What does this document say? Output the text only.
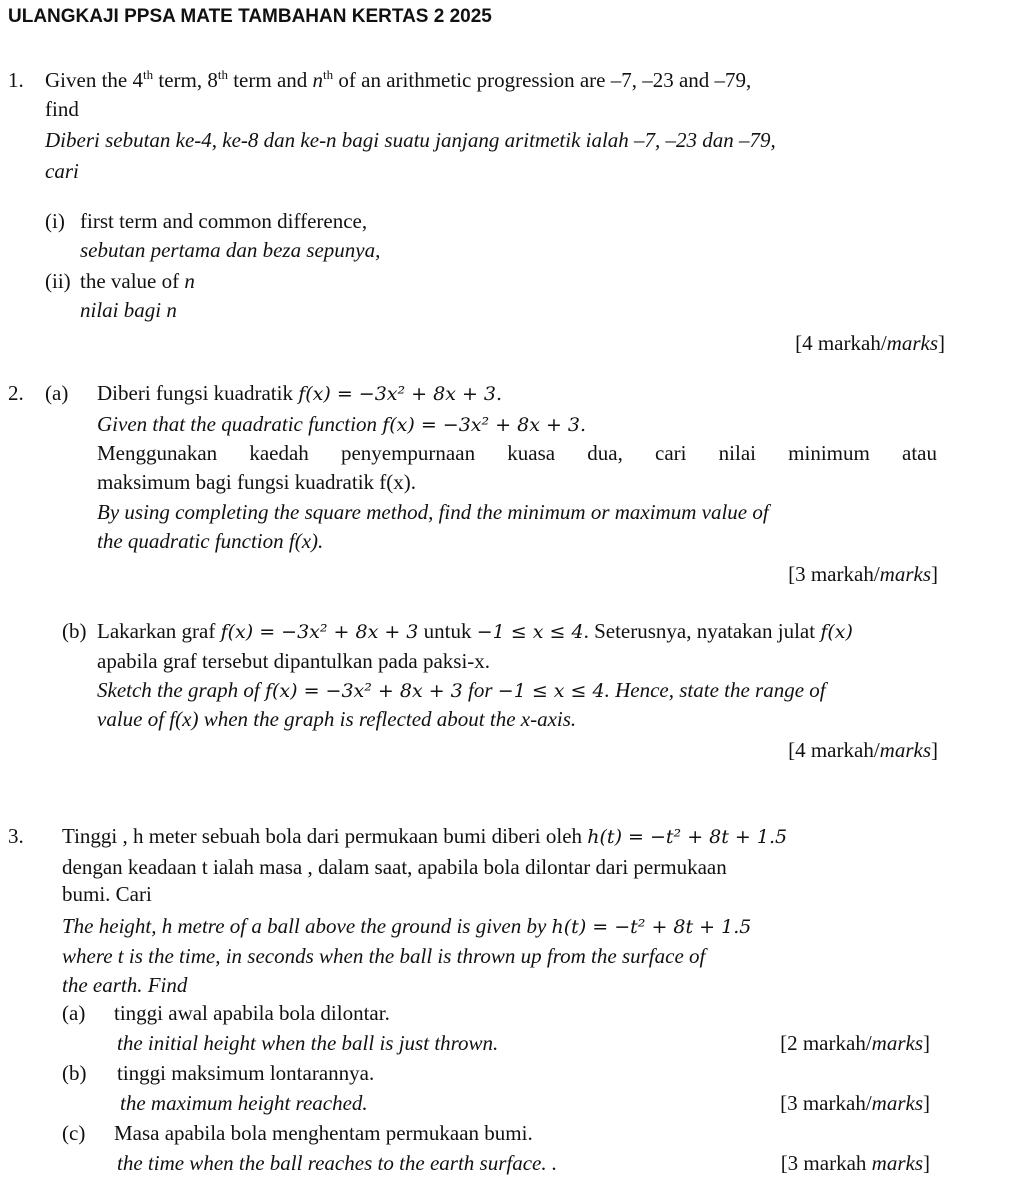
ULANGKAJI PPSA MATE TAMBAHAN KERTAS 2 2025
1. Given the 4th term, 8th term and $n^{th}$ of an arithmetic progression are –7, –23 and –79,
find
Diberi sebutan ke-4, ke-8 dan ke-n bagi suatu janjang aritmetik ialah –7, –23 dan –79,
cari
(i) first term and common difference,
sebutan pertama dan beza sepunya,
(ii) the value of n
nilai bagi n
[4 markah/marks]
2. (a) Diberi fungsi kuadratik f(x) = −3x² + 8x + 3.
Given that the quadratic function f(x) = −3x² + 8x + 3.
Menggunakan kaedah penyempurnaan kuasa dua, cari nilai minimum atau
maksimum bagi fungsi kuadratik f(x).
By using completing the square method, find the minimum or maximum value of
the quadratic function f(x).
[3 markah/marks]
(b) Lakarkan graf f(x) = −3x² + 8x + 3 untuk −1 ≤ x ≤ 4. Seterusnya, nyatakan julat f(x)
apabila graf tersebut dipantulkan pada paksi-x.
Sketch the graph of f(x) = −3x² + 8x + 3 for −1 ≤ x ≤ 4. Hence, state the range of
value of f(x) when the graph is reflected about the x-axis.
[4 markah/marks]
3. Tinggi , h meter sebuah bola dari permukaan bumi diberi oleh h(t) = −t² + 8t + 1.5
dengan keadaan t ialah masa , dalam saat, apabila bola dilontar dari permukaan
bumi. Cari
The height, h metre of a ball above the ground is given by h(t) = −t² + 8t + 1.5
where t is the time, in seconds when the ball is thrown up from the surface of
the earth. Find
(a) tinggi awal apabila bola dilontar.
the initial height when the ball is just thrown.	[2 markah/marks]
(b) tinggi maksimum lontarannya.
the maximum height reached.	[3 markah/marks]
(c) Masa apabila bola menghentam permukaan bumi.
the time when the ball reaches to the earth surface. .	[3 markah marks]
